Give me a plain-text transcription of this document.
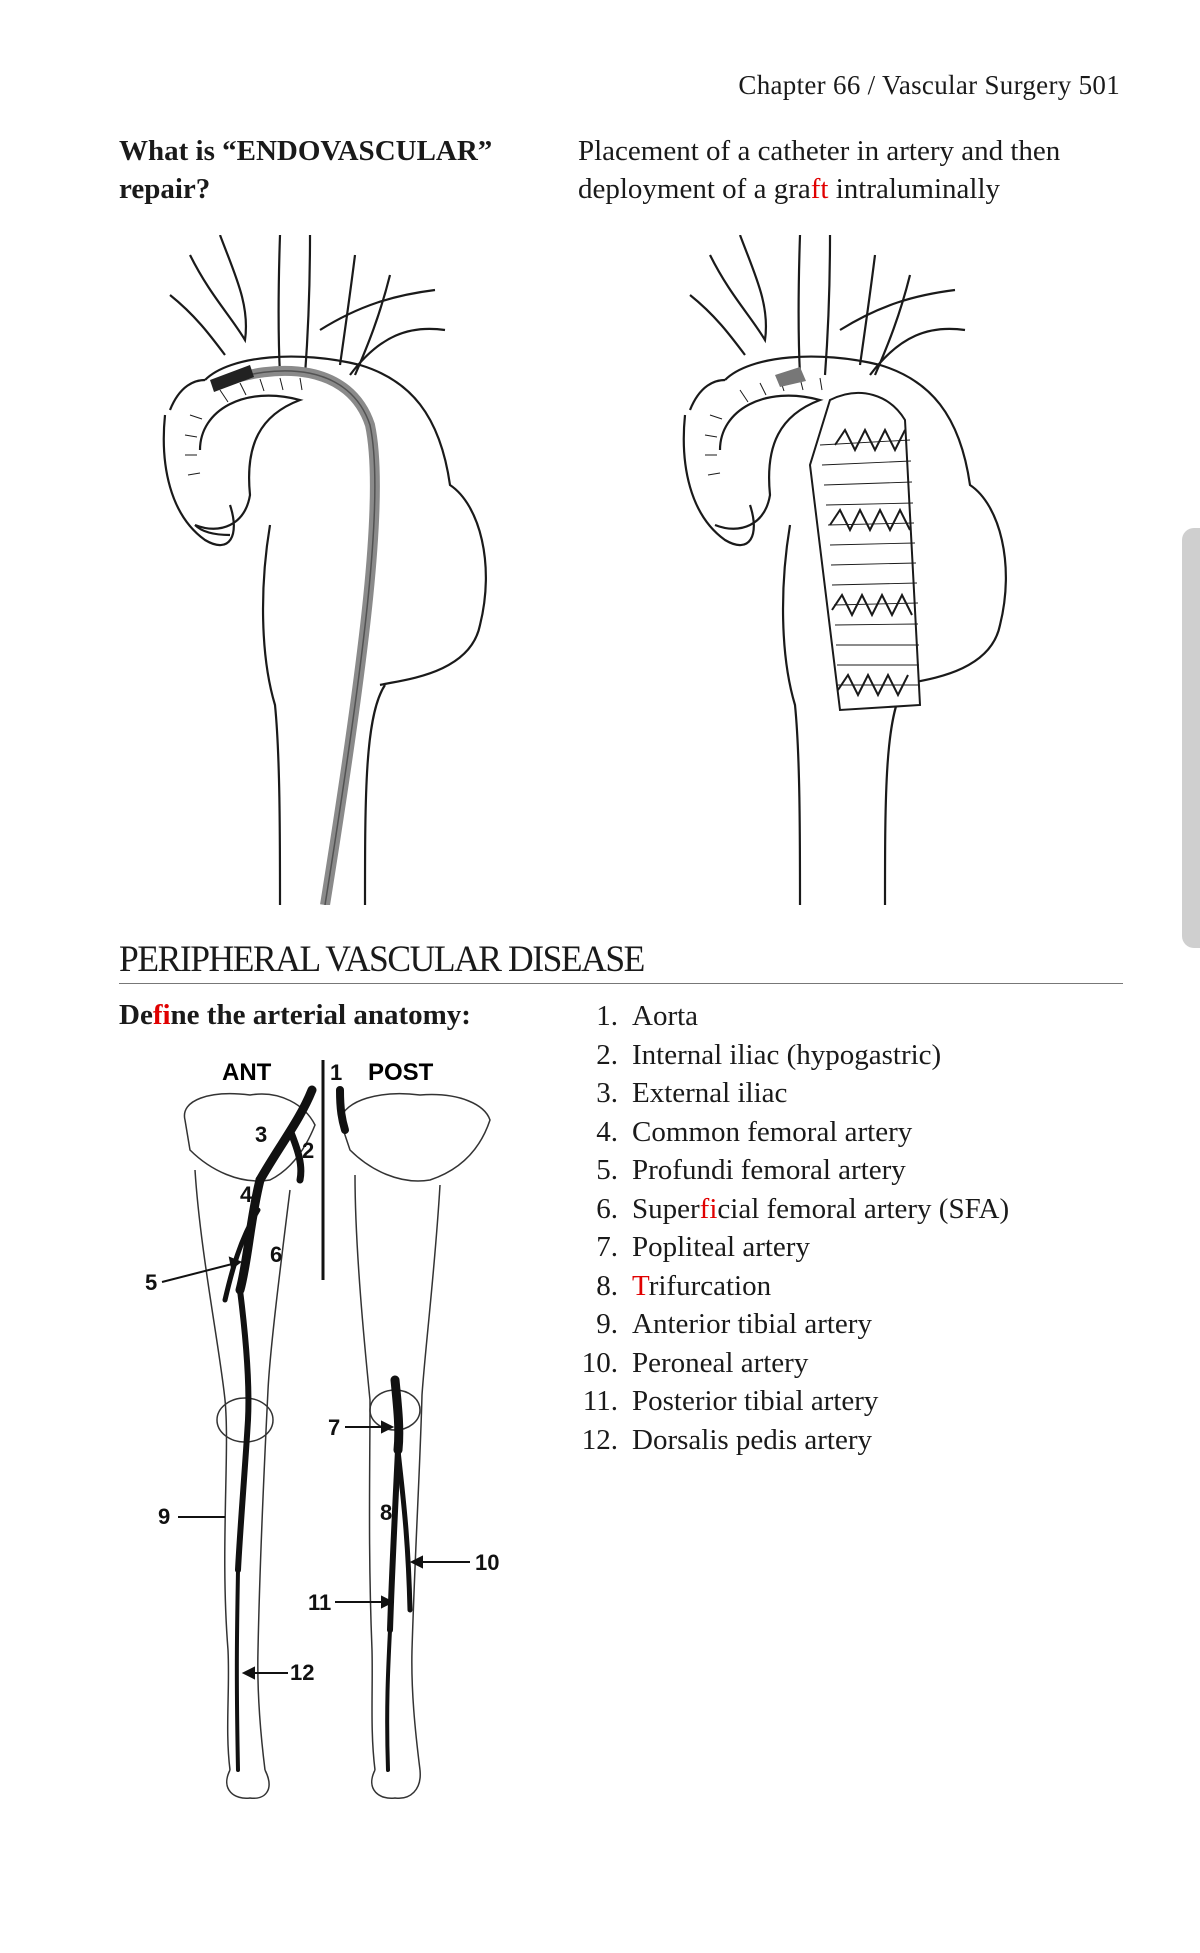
Chapter 66 / Vascular Surgery 501
What is “ENDOVASCULAR” repair?
Placement of a catheter in artery and then deployment of a graft intraluminally
PERIPHERAL VASCULAR DISEASE
Define the arterial anatomy:	1. Aorta
2. Internal iliac (hypogastric)
3. External iliac
4. Common femoral artery
5. Profundi femoral artery
6. Superficial femoral artery (SFA)
7. Popliteal artery
8. Trifurcation
9. Anterior tibial artery
10. Peroneal artery
11. Posterior tibial artery
12. Dorsalis pedis artery
ANT	POST
1
2
3
4
5
6
7
8
9
10
11
12
